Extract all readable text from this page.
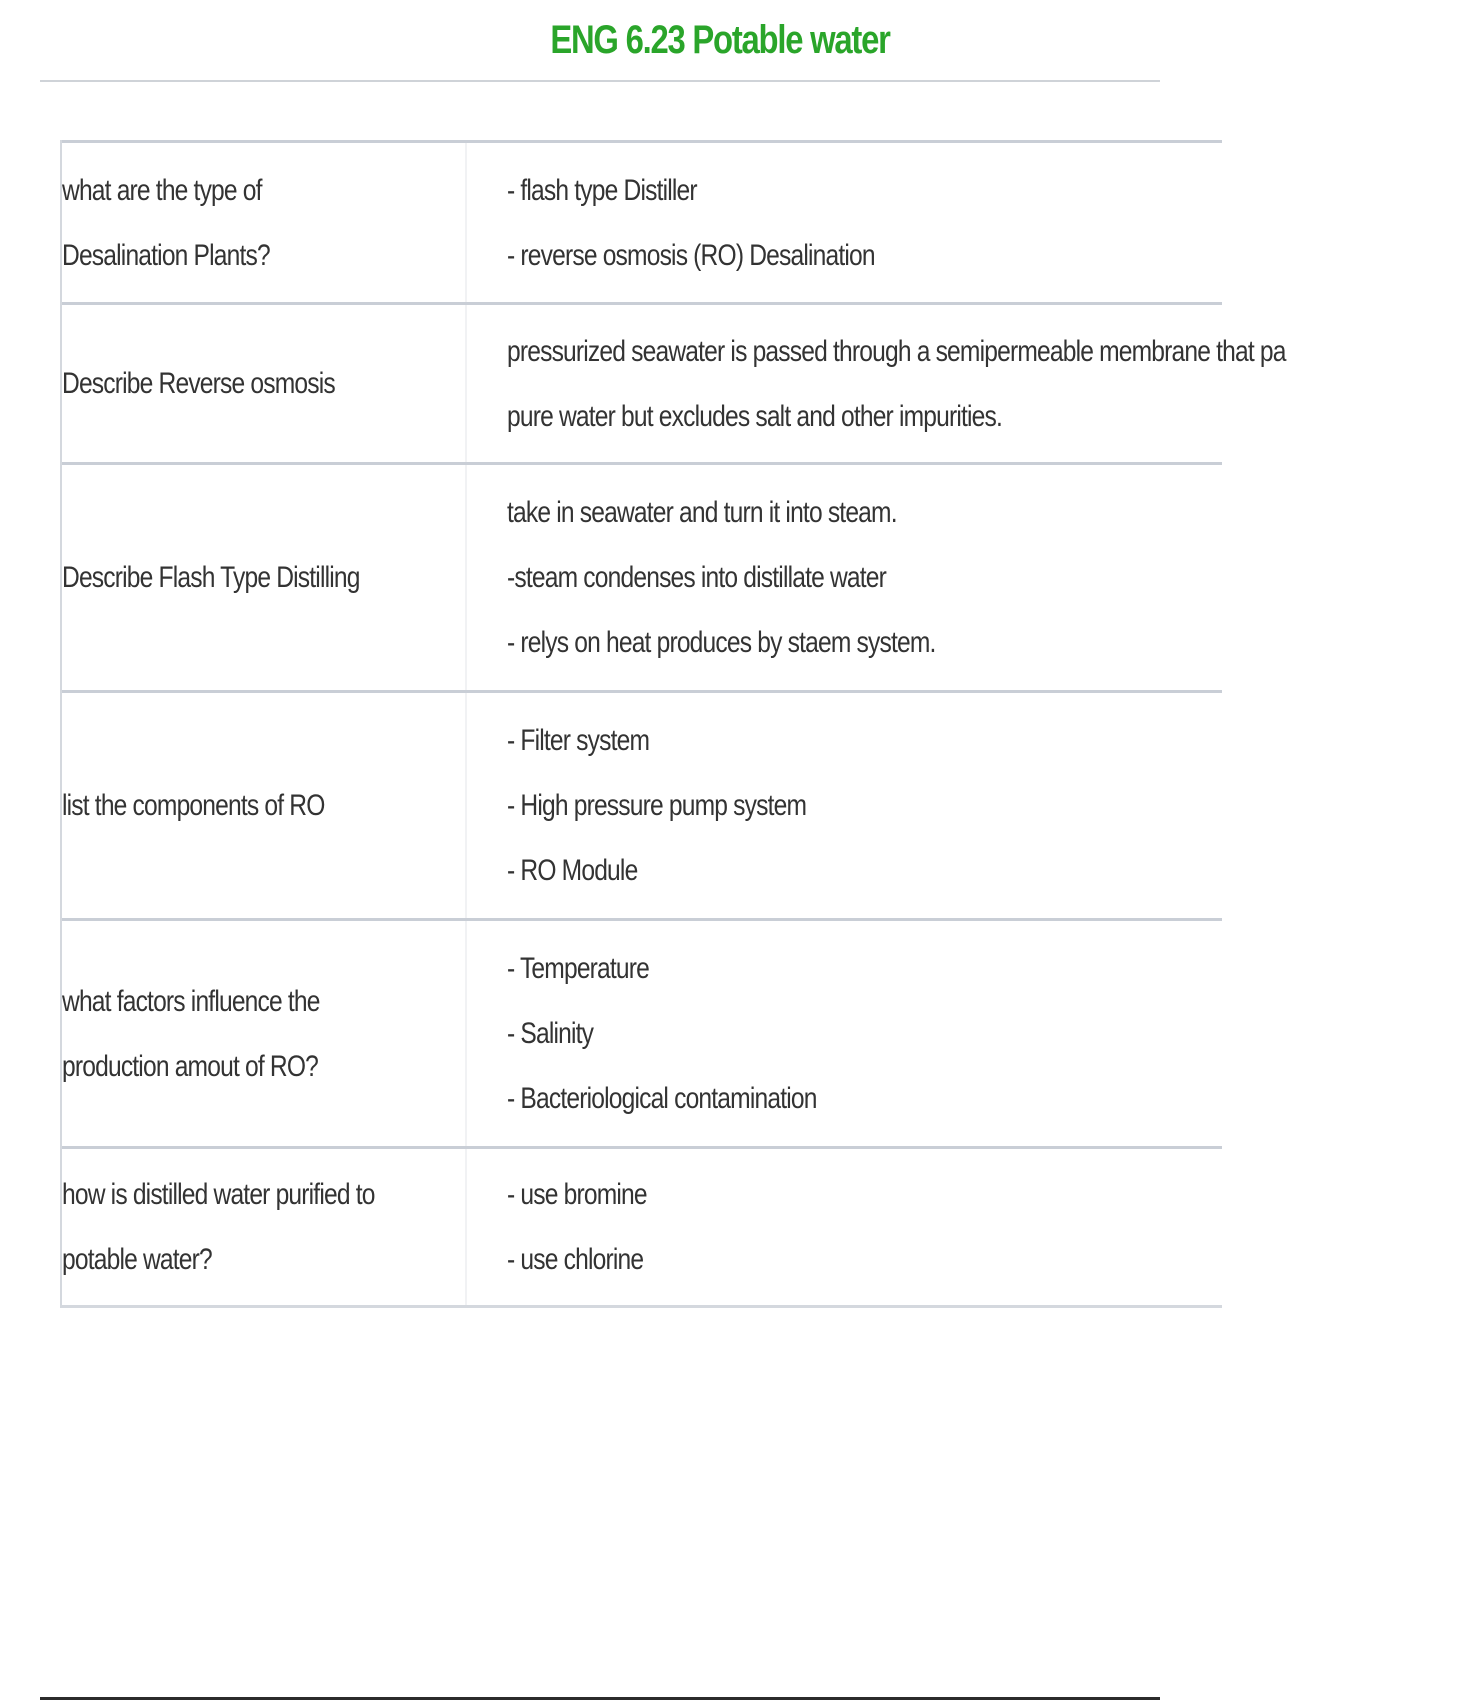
ENG 6.23 Potable water
what are the type of Desalination Plants?
- flash type Distiller
- reverse osmosis (RO) Desalination
Describe Reverse osmosis
pressurized seawater is passed through a semipermeable membrane that pa
pure water but excludes salt and other impurities.
Describe Flash Type Distilling
take in seawater and turn it into steam.
-steam condenses into distillate water
- relys on heat produces by staem system.
list the components of RO
- Filter system
- High pressure pump system
- RO Module
what factors influence the production amout of RO?
- Temperature
- Salinity
- Bacteriological contamination
how is distilled water purified to potable water?
- use bromine
- use chlorine
